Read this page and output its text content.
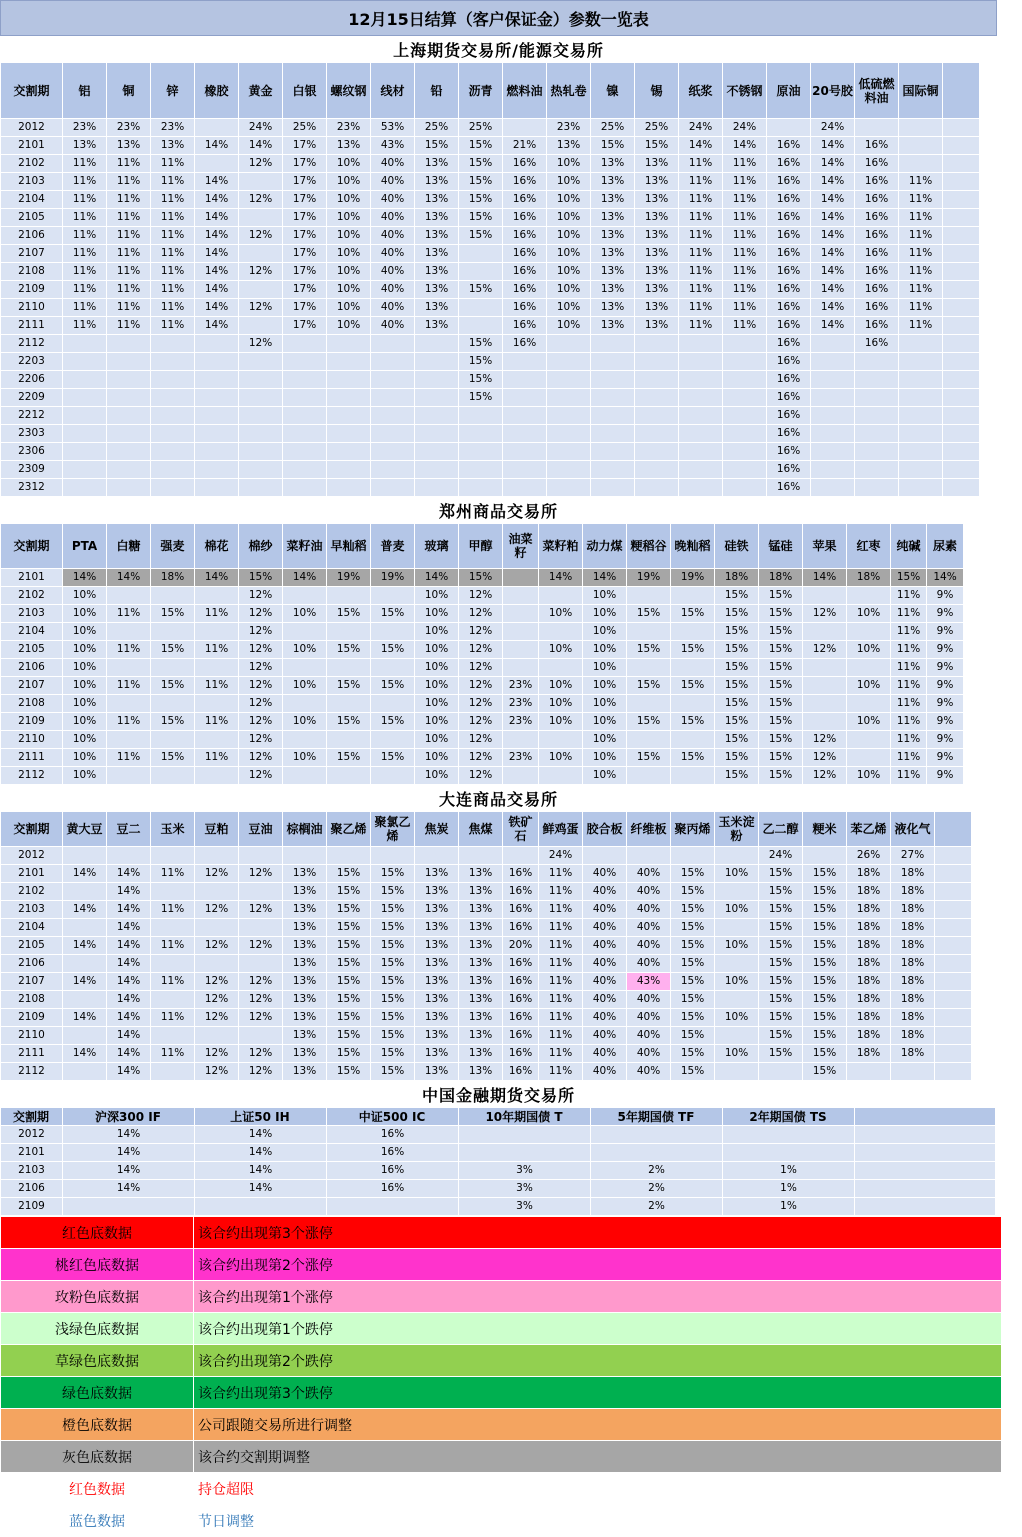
12月15日结算（客户保证金）参数一览表
上海期货交易所/能源交易所
交割期	铝	铜	锌	橡胶	黄金	白银	螺纹钢	线材	铅	沥青	燃料油	热轧卷	镍	锡	纸浆	不锈钢	原油	20号胶	低硫燃料油	国际铜	
2012	23%	23%	23%		24%	25%	23%	53%	25%	25%		23%	25%	25%	24%	24%		24%			
2101	13%	13%	13%	14%	14%	17%	13%	43%	15%	15%	21%	13%	15%	15%	14%	14%	16%	14%	16%		
2102	11%	11%	11%		12%	17%	10%	40%	13%	15%	16%	10%	13%	13%	11%	11%	16%	14%	16%		
2103	11%	11%	11%	14%		17%	10%	40%	13%	15%	16%	10%	13%	13%	11%	11%	16%	14%	16%	11%	
2104	11%	11%	11%	14%	12%	17%	10%	40%	13%	15%	16%	10%	13%	13%	11%	11%	16%	14%	16%	11%	
2105	11%	11%	11%	14%		17%	10%	40%	13%	15%	16%	10%	13%	13%	11%	11%	16%	14%	16%	11%	
2106	11%	11%	11%	14%	12%	17%	10%	40%	13%	15%	16%	10%	13%	13%	11%	11%	16%	14%	16%	11%	
2107	11%	11%	11%	14%		17%	10%	40%	13%		16%	10%	13%	13%	11%	11%	16%	14%	16%	11%	
2108	11%	11%	11%	14%	12%	17%	10%	40%	13%		16%	10%	13%	13%	11%	11%	16%	14%	16%	11%	
2109	11%	11%	11%	14%		17%	10%	40%	13%	15%	16%	10%	13%	13%	11%	11%	16%	14%	16%	11%	
2110	11%	11%	11%	14%	12%	17%	10%	40%	13%		16%	10%	13%	13%	11%	11%	16%	14%	16%	11%	
2111	11%	11%	11%	14%		17%	10%	40%	13%		16%	10%	13%	13%	11%	11%	16%	14%	16%	11%	
2112					12%					15%	16%						16%		16%		
2203										15%							16%				
2206										15%							16%				
2209										15%							16%				
2212																	16%				
2303																	16%				
2306																	16%				
2309																	16%				
2312																	16%				
郑州商品交易所
交割期	PTA	白糖	强麦	棉花	棉纱	菜籽油	早籼稻	普麦	玻璃	甲醇	油菜籽	菜籽粕	动力煤	粳稻谷	晚籼稻	硅铁	锰硅	苹果	红枣	纯碱	尿素	
2101	14%	14%	18%	14%	15%	14%	19%	19%	14%	15%		14%	14%	19%	19%	18%	18%	14%	18%	15%	14%	
2102	10%				12%				10%	12%			10%			15%	15%			11%	9%	
2103	10%	11%	15%	11%	12%	10%	15%	15%	10%	12%		10%	10%	15%	15%	15%	15%	12%	10%	11%	9%	
2104	10%				12%				10%	12%			10%			15%	15%			11%	9%	
2105	10%	11%	15%	11%	12%	10%	15%	15%	10%	12%		10%	10%	15%	15%	15%	15%	12%	10%	11%	9%	
2106	10%				12%				10%	12%			10%			15%	15%			11%	9%	
2107	10%	11%	15%	11%	12%	10%	15%	15%	10%	12%	23%	10%	10%	15%	15%	15%	15%		10%	11%	9%	
2108	10%				12%				10%	12%	23%	10%	10%			15%	15%			11%	9%	
2109	10%	11%	15%	11%	12%	10%	15%	15%	10%	12%	23%	10%	10%	15%	15%	15%	15%		10%	11%	9%	
2110	10%				12%				10%	12%			10%			15%	15%	12%		11%	9%	
2111	10%	11%	15%	11%	12%	10%	15%	15%	10%	12%	23%	10%	10%	15%	15%	15%	15%	12%		11%	9%	
2112	10%				12%				10%	12%			10%			15%	15%	12%	10%	11%	9%	
大连商品交易所
交割期	黄大豆	豆二	玉米	豆粕	豆油	棕榈油	聚乙烯	聚氯乙烯	焦炭	焦煤	铁矿石	鲜鸡蛋	胶合板	纤维板	聚丙烯	玉米淀粉	乙二醇	粳米	苯乙烯	液化气	
2012												24%					24%		26%	27%	
2101	14%	14%	11%	12%	12%	13%	15%	15%	13%	13%	16%	11%	40%	40%	15%	10%	15%	15%	18%	18%	
2102		14%				13%	15%	15%	13%	13%	16%	11%	40%	40%	15%		15%	15%	18%	18%	
2103	14%	14%	11%	12%	12%	13%	15%	15%	13%	13%	16%	11%	40%	40%	15%	10%	15%	15%	18%	18%	
2104		14%				13%	15%	15%	13%	13%	16%	11%	40%	40%	15%		15%	15%	18%	18%	
2105	14%	14%	11%	12%	12%	13%	15%	15%	13%	13%	20%	11%	40%	40%	15%	10%	15%	15%	18%	18%	
2106		14%				13%	15%	15%	13%	13%	16%	11%	40%	40%	15%		15%	15%	18%	18%	
2107	14%	14%	11%	12%	12%	13%	15%	15%	13%	13%	16%	11%	40%	43%	15%	10%	15%	15%	18%	18%	
2108		14%		12%	12%	13%	15%	15%	13%	13%	16%	11%	40%	40%	15%		15%	15%	18%	18%	
2109	14%	14%	11%	12%	12%	13%	15%	15%	13%	13%	16%	11%	40%	40%	15%	10%	15%	15%	18%	18%	
2110		14%				13%	15%	15%	13%	13%	16%	11%	40%	40%	15%		15%	15%	18%	18%	
2111	14%	14%	11%	12%	12%	13%	15%	15%	13%	13%	16%	11%	40%	40%	15%	10%	15%	15%	18%	18%	
2112		14%		12%	12%	13%	15%	15%	13%	13%	16%	11%	40%	40%	15%			15%			
中国金融期货交易所
交割期	沪深300 IF	上证50 IH	中证500 IC	10年期国债 T	5年期国债 TF	2年期国债 TS	
2012	14%	14%	16%				
2101	14%	14%	16%				
2103	14%	14%	16%	3%	2%	1%	
2106	14%	14%	16%	3%	2%	1%	
2109				3%	2%	1%	
红色底数据	该合约出现第3个涨停
桃红色底数据	该合约出现第2个涨停
玫粉色底数据	该合约出现第1个涨停
浅绿色底数据	该合约出现第1个跌停
草绿色底数据	该合约出现第2个跌停
绿色底数据	该合约出现第3个跌停
橙色底数据	公司跟随交易所进行调整
灰色底数据	该合约交割期调整
红色数据	持仓超限
蓝色数据	节日调整
